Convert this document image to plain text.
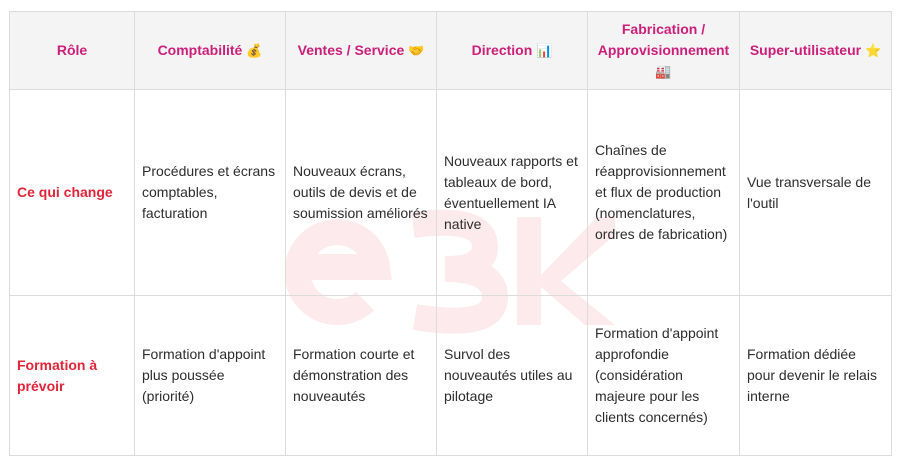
Rôle	Comptabilité 💰	Ventes / Service 🤝	Direction 📊	Fabrication / Approvisionnement 🏭	Super-utilisateur ⭐
Ce qui change	Procédures et écrans comptables, facturation	Nouveaux écrans, outils de devis et de soumission améliorés	Nouveaux rapports et tableaux de bord, éventuellement IA native	Chaînes de réapprovisionnement et flux de production (nomenclatures, ordres de fabrication)	Vue transversale de l'outil
Formation à prévoir	Formation d'appoint plus poussée (priorité)	Formation courte et démonstration des nouveautés	Survol des nouveautés utiles au pilotage	Formation d'appoint approfondie (considération majeure pour les clients concernés)	Formation dédiée pour devenir le relais interne
